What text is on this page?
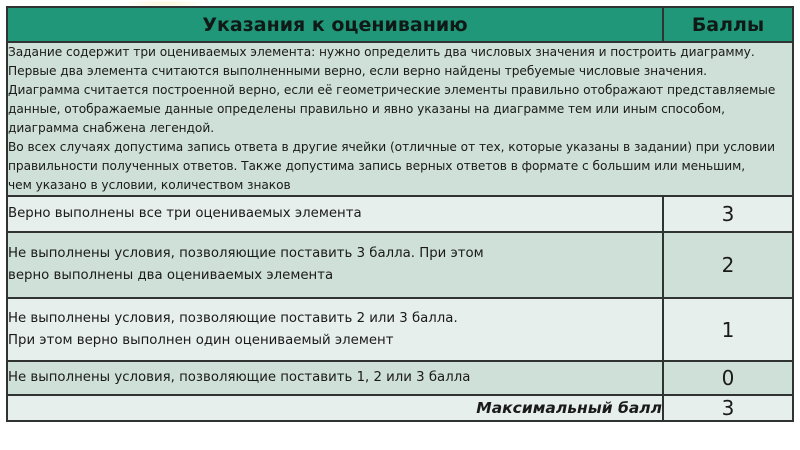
Указания к оцениванию	Баллы

Задание содержит три оцениваемых элемента: нужно определить два числовых значения и построить диаграмму.
Первые два элемента считаются выполненными верно, если верно найдены требуемые числовые значения.
Диаграмма считается построенной верно, если её геометрические элементы правильно отображают представляемые
данные, отображаемые данные определены правильно и явно указаны на диаграмме тем или иным способом,
диаграмма снабжена легендой.
Во всех случаях допустима запись ответа в другие ячейки (отличные от тех, которые указаны в задании) при условии
правильности полученных ответов. Также допустима запись верных ответов в формате с большим или меньшим,
чем указано в условии, количеством знаков

Верно выполнены все три оцениваемых элемента	3

Не выполнены условия, позволяющие поставить 3 балла. При этом
верно выполнены два оцениваемых элемента	2

Не выполнены условия, позволяющие поставить 2 или 3 балла.
При этом верно выполнен один оцениваемый элемент	1

Не выполнены условия, позволяющие поставить 1, 2 или 3 балла	0
Максимальный балл	3
